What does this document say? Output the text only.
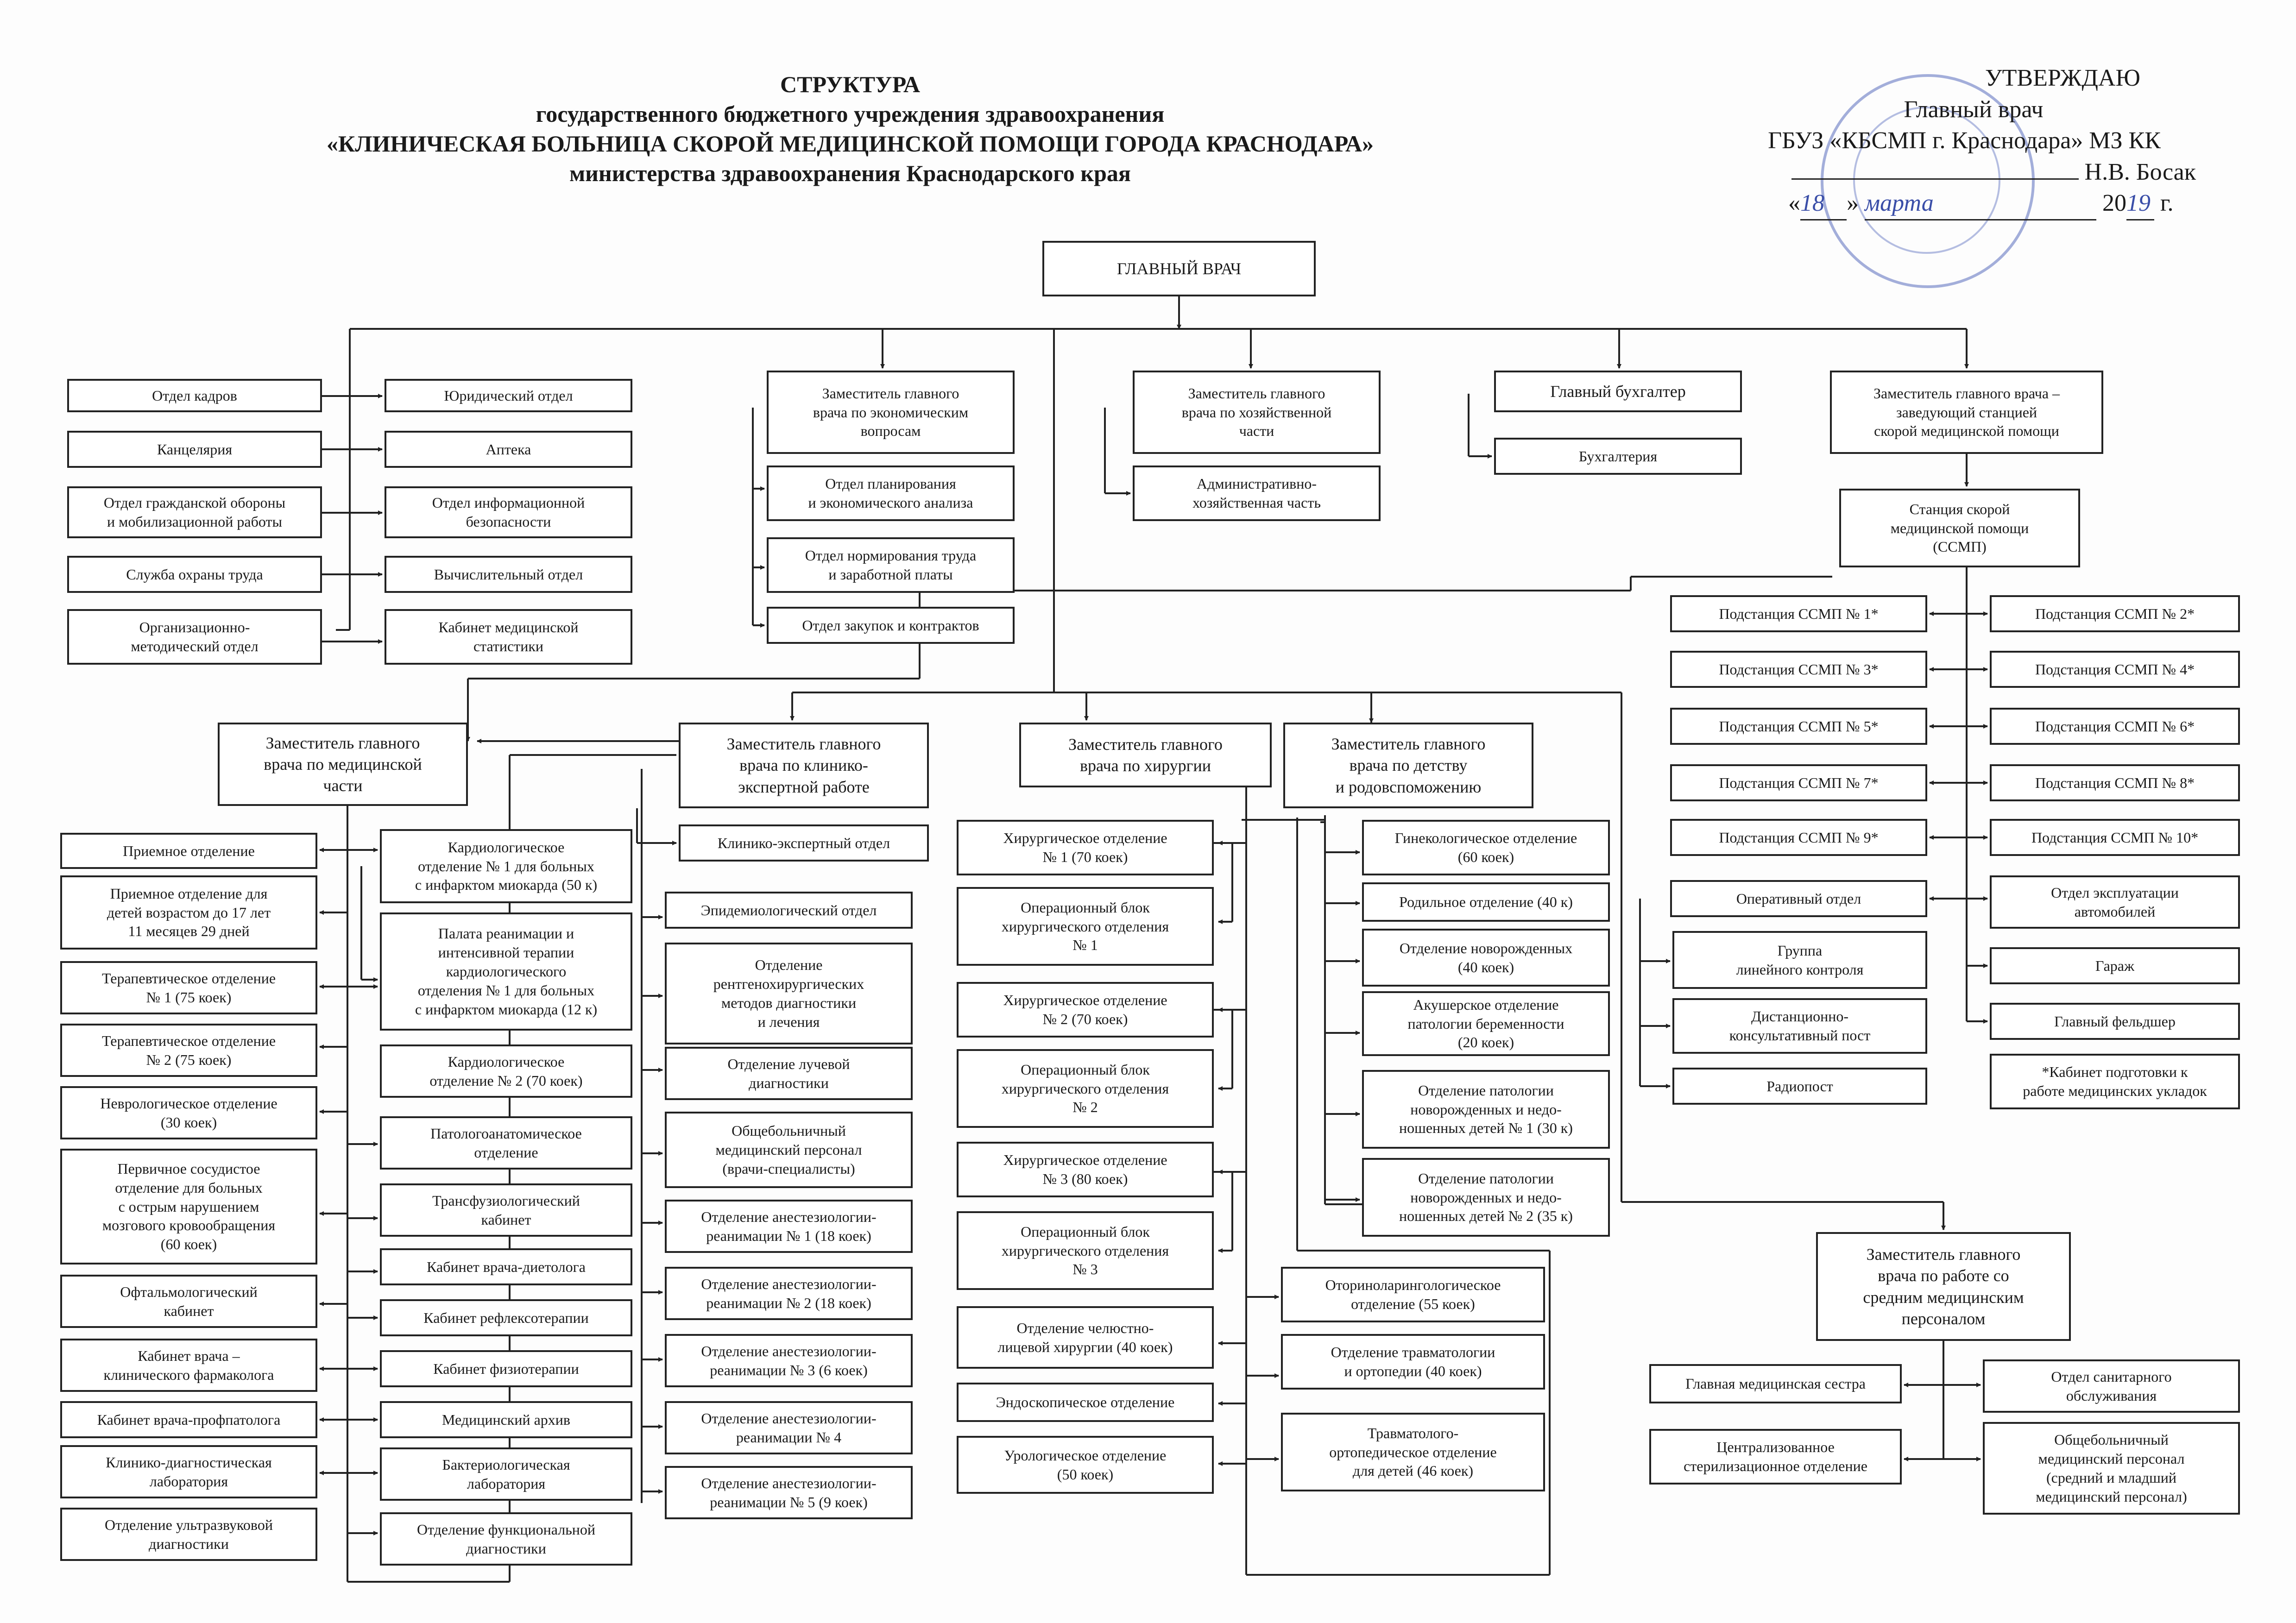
СТРУКТУРА
государственного бюджетного учреждения здравоохранения
«КЛИНИЧЕСКАЯ БОЛЬНИЦА СКОРОЙ МЕДИЦИНСКОЙ ПОМОЩИ ГОРОДА КРАСНОДАРА»
министерства здравоохранения Краснодарского края
УТВЕРЖДАЮ
Главный врач
ГБУЗ «КБСМП г. Краснодара» МЗ КК
Н.В. Босак
«18 » марта	2019 г.
ГЛАВНЫЙ ВРАЧ
Отдел кадров
Канцелярия
Отдел гражданской обороны
и мобилизационной работы
Служба охраны труда
Организационно-
методический отдел
Юридический отдел
Аптека
Отдел информационной
безопасности
Вычислительный отдел
Кабинет медицинской
статистики
Заместитель главного
врача по экономическим
вопросам
Отдел планирования
и экономического анализа
Отдел нормирования труда
и заработной платы
Отдел закупок и контрактов
Заместитель главного
врача по хозяйственной
части
Административно-
хозяйственная часть
Главный бухгалтер
Бухгалтерия
Заместитель главного врача –
заведующий станцией
скорой медицинской помощи
Станция скорой
медицинской помощи
(ССМП)
Подстанция ССМП № 1*
Подстанция ССМП № 3*
Подстанция ССМП № 5*
Подстанция ССМП № 7*
Подстанция ССМП № 9*
Подстанция ССМП № 2*
Подстанция ССМП № 4*
Подстанция ССМП № 6*
Подстанция ССМП № 8*
Подстанция ССМП № 10*
Оперативный отдел
Группа
линейного контроля
Дистанционно-
консультативный пост
Радиопост
Отдел эксплуатации
автомобилей
Гараж
Главный фельдшер
*Кабинет подготовки к
работе медицинских укладок
Заместитель главного
врача по медицинской
части
Приемное отделение
Приемное отделение для
детей возрастом до 17 лет
11 месяцев 29 дней
Терапевтическое отделение
№ 1 (75 коек)
Терапевтическое отделение
№ 2 (75 коек)
Неврологическое отделение
(30 коек)
Первичное сосудистое
отделение для больных
с острым нарушением
мозгового кровообращения
(60 коек)
Офтальмологический
кабинет
Кабинет врача –
клинического фармаколога
Кабинет врача-профпатолога
Клинико-диагностическая
лаборатория
Отделение ультразвуковой
диагностики
Кардиологическое
отделение № 1 для больных
с инфарктом миокарда (50 к)
Палата реанимации и
интенсивной терапии
кардиологического
отделения № 1 для больных
с инфарктом миокарда (12 к)
Кардиологическое
отделение № 2 (70 коек)
Патологоанатомическое
отделение
Трансфузиологический
кабинет
Кабинет врача-диетолога
Кабинет рефлексотерапии
Кабинет физиотерапии
Медицинский архив
Бактериологическая
лаборатория
Отделение функциональной
диагностики
Эпидемиологический отдел
Отделение
рентгенохирургических
методов диагностики
и лечения
Отделение лучевой
диагностики
Общебольничный
медицинский персонал
(врачи-специалисты)
Отделение анестезиологии-
реанимации № 1 (18 коек)
Отделение анестезиологии-
реанимации № 2 (18 коек)
Отделение анестезиологии-
реанимации № 3 (6 коек)
Отделение анестезиологии-
реанимации № 4
Отделение анестезиологии-
реанимации № 5 (9 коек)
Заместитель главного
врача по клинико-
экспертной работе
Клинико-экспертный отдел
Заместитель главного
врача по хирургии
Хирургическое отделение
№ 1 (70 коек)
Операционный блок
хирургического отделения
№ 1
Хирургическое отделение
№ 2 (70 коек)
Операционный блок
хирургического отделения
№ 2
Хирургическое отделение
№ 3 (80 коек)
Операционный блок
хирургического отделения
№ 3
Отделение челюстно-
лицевой хирургии (40 коек)
Эндоскопическое отделение
Урологическое отделение
(50 коек)
Оториноларингологическое
отделение (55 коек)
Отделение травматологии
и ортопедии (40 коек)
Травматолого-
ортопедическое отделение
для детей (46 коек)
Заместитель главного
врача по детству
и родовспоможению
Гинекологическое отделение
(60 коек)
Родильное отделение (40 к)
Отделение новорожденных
(40 коек)
Акушерское отделение
патологии беременности
(20 коек)
Отделение патологии
новорожденных и недо-
ношенных детей № 1 (30 к)
Отделение патологии
новорожденных и недо-
ношенных детей № 2 (35 к)
Заместитель главного
врача по работе со
средним медицинским
персоналом
Главная медицинская сестра
Централизованное
стерилизационное отделение
Отдел санитарного
обслуживания
Общебольничный
медицинский персонал
(средний и младший
медицинский персонал)
